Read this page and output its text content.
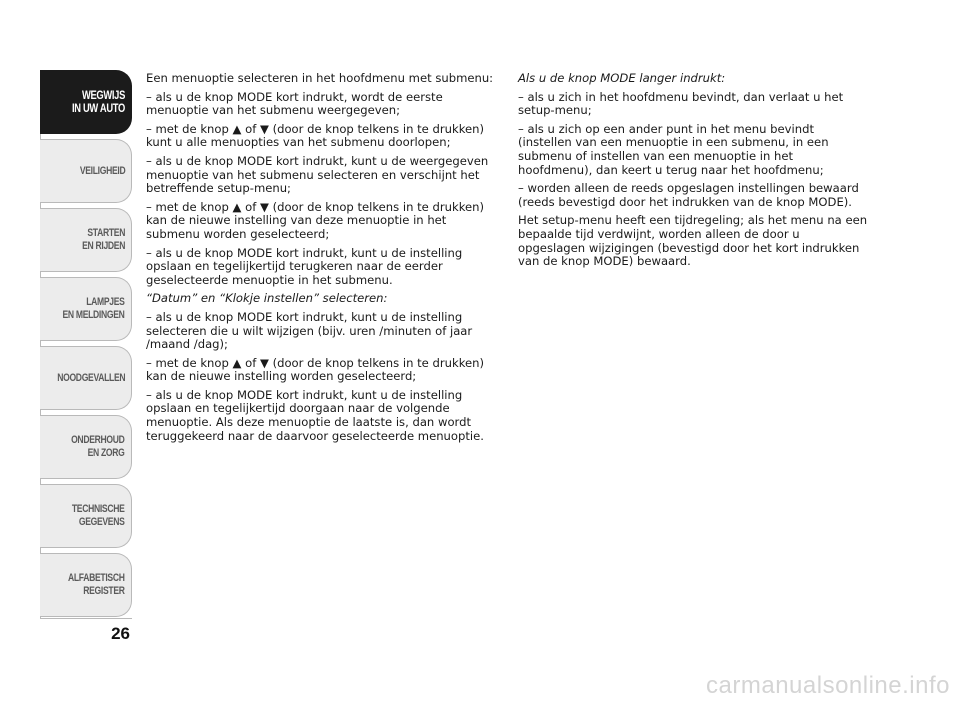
WEGWIJS
IN UW AUTO
VEILIGHEID
STARTEN
EN RIJDEN
LAMPJES
EN MELDINGEN
NOODGEVALLEN
ONDERHOUD
EN ZORG
TECHNISCHE
GEGEVENS
ALFABETISCH
REGISTER
26

Een menuoptie selecteren in het hoofdmenu met submenu:

– als u de knop MODE kort indrukt, wordt de eerste menuoptie van het submenu weergegeven;

– met de knop ▲ of ▼ (door de knop telkens in te drukken) kunt u alle menuopties van het submenu doorlopen;

– als u de knop MODE kort indrukt, kunt u de weergegeven menuoptie van het submenu selecteren en verschijnt het betreffende setup-menu;

– met de knop ▲ of ▼ (door de knop telkens in te drukken) kan de nieuwe instelling van deze menuoptie in het submenu worden geselecteerd;

– als u de knop MODE kort indrukt, kunt u de instelling opslaan en tegelijkertijd terugkeren naar de eerder geselecteerde menuoptie in het submenu.

“Datum” en “Klokje instellen” selecteren:

– als u de knop MODE kort indrukt, kunt u de instelling selecteren die u wilt wijzigen (bijv. uren /minuten of jaar /maand /dag);

– met de knop ▲ of ▼ (door de knop telkens in te drukken) kan de nieuwe instelling worden geselecteerd;

– als u de knop MODE kort indrukt, kunt u de instelling opslaan en tegelijkertijd doorgaan naar de volgende menuoptie. Als deze menuoptie de laatste is, dan wordt teruggekeerd naar de daarvoor geselecteerde menuoptie.

Als u de knop MODE langer indrukt:

– als u zich in het hoofdmenu bevindt, dan verlaat u het setup-menu;

– als u zich op een ander punt in het menu bevindt (instellen van een menuoptie in een submenu, in een submenu of instellen van een menuoptie in het hoofdmenu), dan keert u terug naar het hoofdmenu;

– worden alleen de reeds opgeslagen instellingen bewaard (reeds bevestigd door het indrukken van de knop MODE).

Het setup-menu heeft een tijdregeling; als het menu na een bepaalde tijd verdwijnt, worden alleen de door u opgeslagen wijzigingen (bevestigd door het kort indrukken van de knop MODE) bewaard.

carmanualsonline.info
